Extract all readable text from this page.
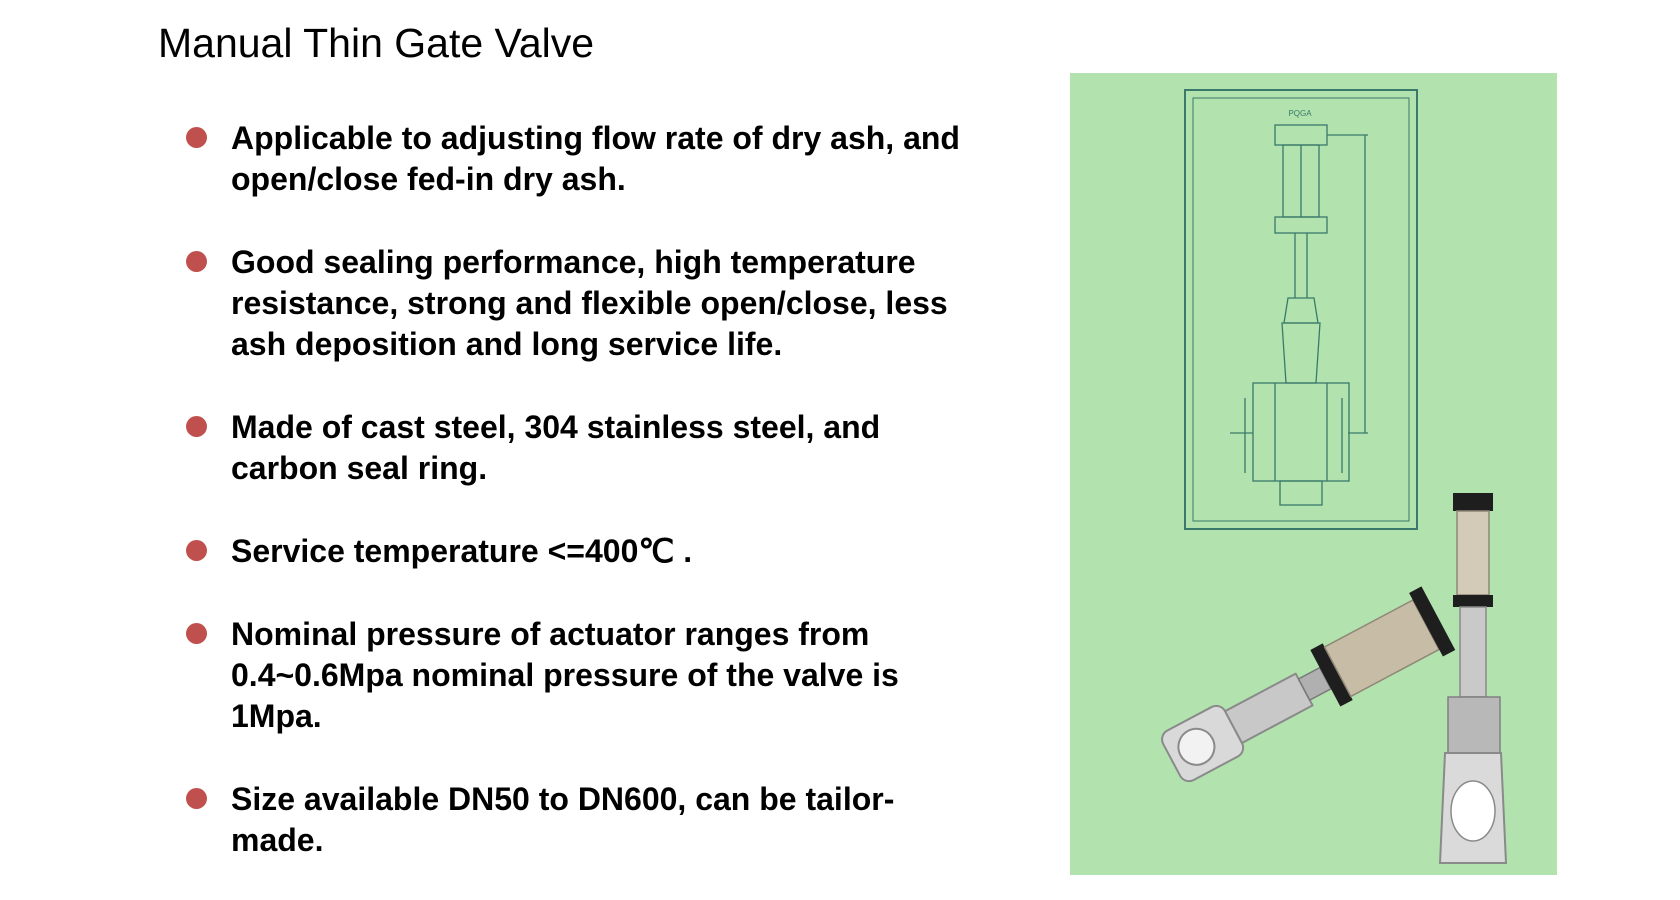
Manual Thin Gate Valve
Applicable to adjusting flow rate of dry ash, and open/close fed-in dry ash.
Good sealing performance, high temperature resistance, strong and flexible open/close, less ash deposition and long service life.
Made of cast steel, 304 stainless steel, and carbon seal ring.
Service temperature <=400℃ .
Nominal pressure of actuator ranges from 0.4~0.6Mpa nominal pressure of the valve is 1Mpa.
Size available DN50 to DN600, can be tailor-made.
PQGA
